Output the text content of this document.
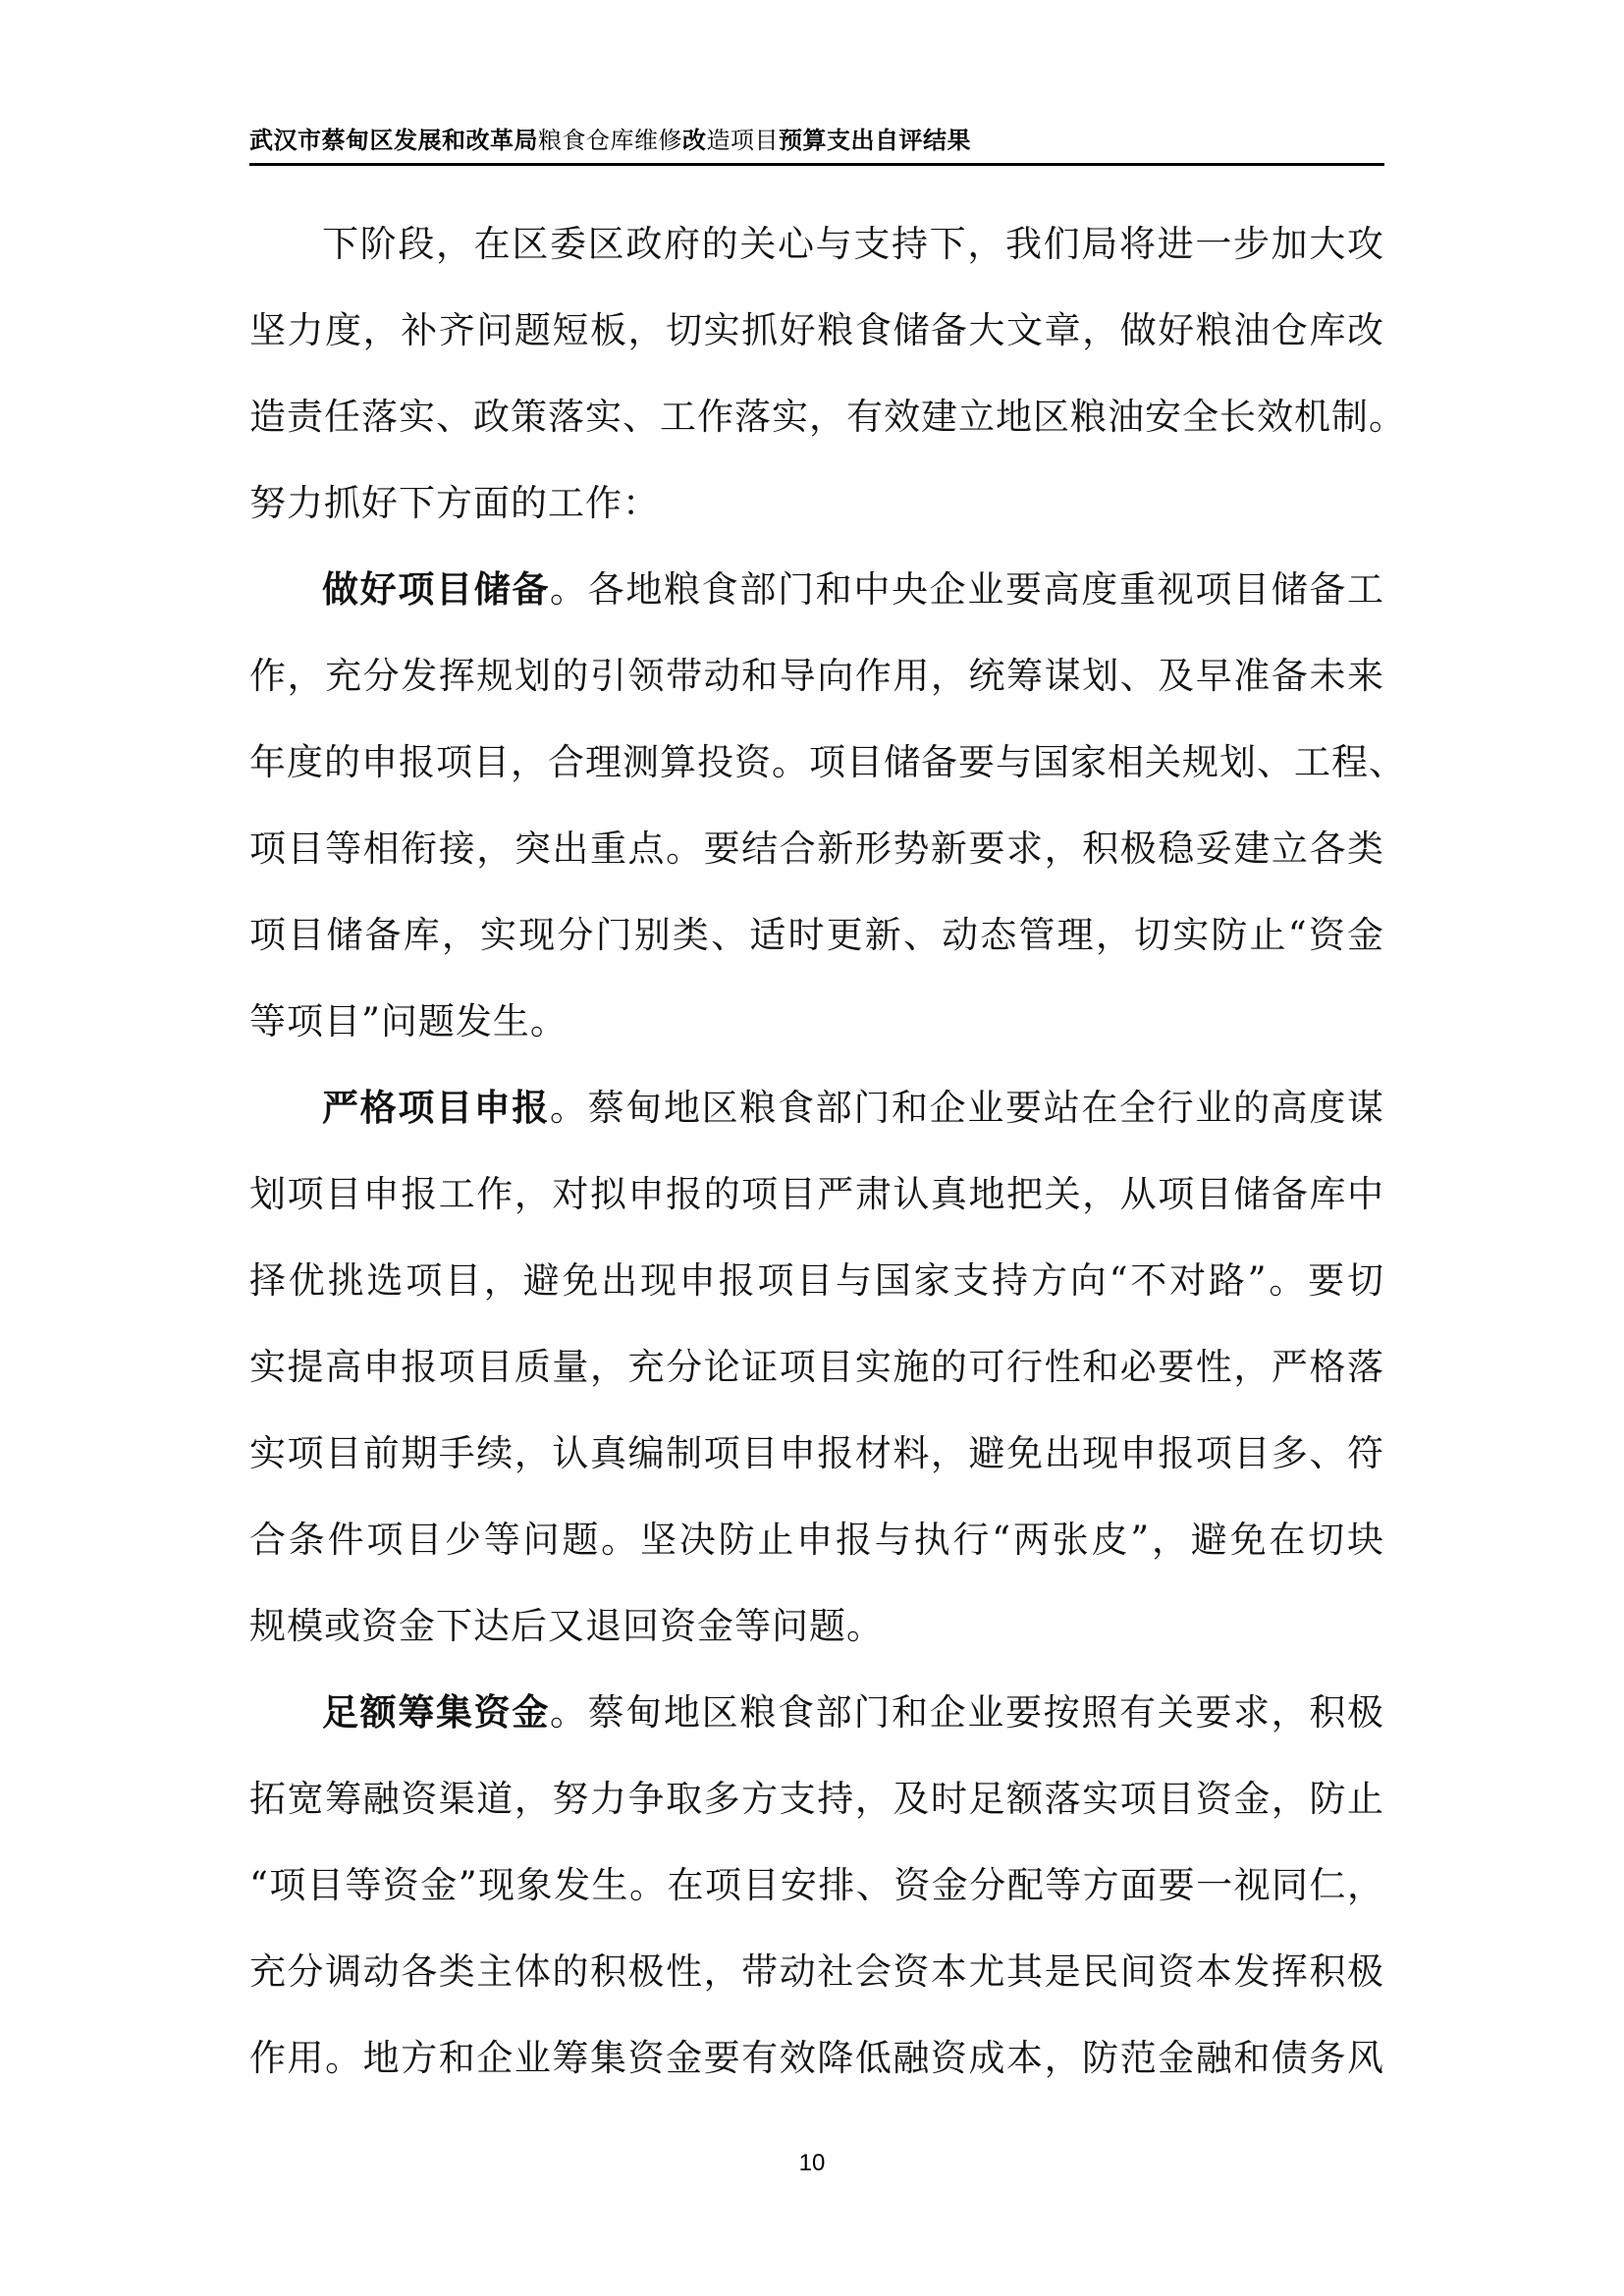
武汉市蔡甸区发展和改革局粮食仓库维修改造项目预算支出自评结果
下阶段，在区委区政府的关心与支持下，我们局将进一步加大攻
坚力度，补齐问题短板，切实抓好粮食储备大文章，做好粮油仓库改
造责任落实、政策落实、工作落实，有效建立地区粮油安全长效机制。
努力抓好下方面的工作：
做好项目储备。各地粮食部门和中央企业要高度重视项目储备工
作，充分发挥规划的引领带动和导向作用，统筹谋划、及早准备未来
年度的申报项目，合理测算投资。项目储备要与国家相关规划、工程、
项目等相衔接，突出重点。要结合新形势新要求，积极稳妥建立各类
项目储备库，实现分门别类、适时更新、动态管理，切实防止“资金
等项目”问题发生。
严格项目申报。蔡甸地区粮食部门和企业要站在全行业的高度谋
划项目申报工作，对拟申报的项目严肃认真地把关，从项目储备库中
择优挑选项目，避免出现申报项目与国家支持方向“不对路”。要切
实提高申报项目质量，充分论证项目实施的可行性和必要性，严格落
实项目前期手续，认真编制项目申报材料，避免出现申报项目多、符
合条件项目少等问题。坚决防止申报与执行“两张皮”，避免在切块
规模或资金下达后又退回资金等问题。
足额筹集资金。蔡甸地区粮食部门和企业要按照有关要求，积极
拓宽筹融资渠道，努力争取多方支持，及时足额落实项目资金，防止
“项目等资金”现象发生。在项目安排、资金分配等方面要一视同仁，
充分调动各类主体的积极性，带动社会资本尤其是民间资本发挥积极
作用。地方和企业筹集资金要有效降低融资成本，防范金融和债务风
10
